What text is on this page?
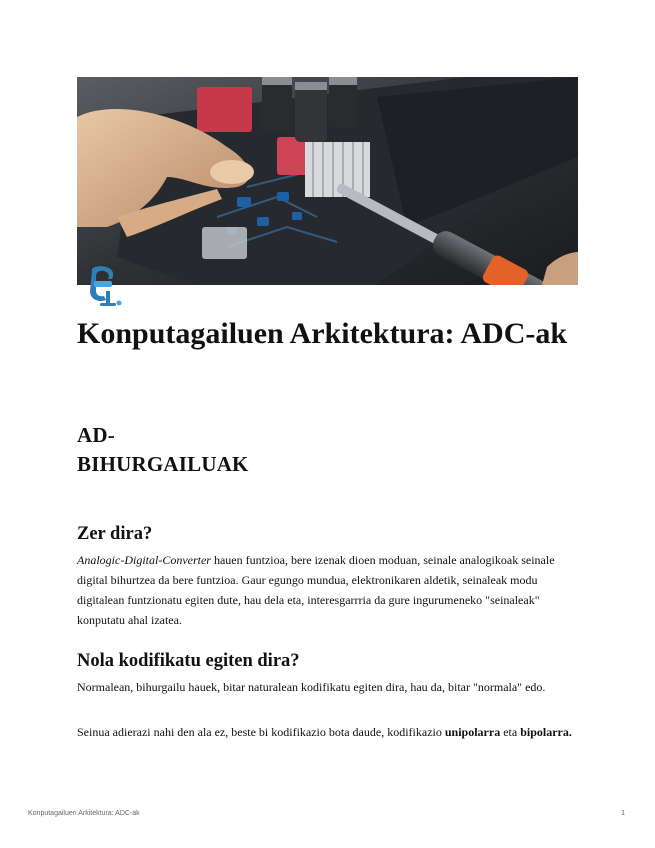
Konputagailuen Arkitektura: ADC-ak
AD-
BIHURGAILUAK
Zer dira?

Analogic-Digital-Converter hauen funtzioa, bere izenak dioen moduan, seinale analogikoak seinale digital bihurtzea da bere funtzioa. Gaur egungo mundua, elektronikaren aldetik, seinaleak modu digitalean funtzionatu egiten dute, hau dela eta, interesgarrria da gure ingurumeneko "seinaleak" konputatu ahal izatea.

Nola kodifikatu egiten dira?

Normalean, bihurgailu hauek, bitar naturalean kodifikatu egiten dira, hau da, bitar "normala" edo.

Seinua adierazi nahi den ala ez, beste bi kodifikazio bota daude, kodifikazio unipolarra eta bipolarra.

Konputagailuen Arkitektura: ADC-ak	1
